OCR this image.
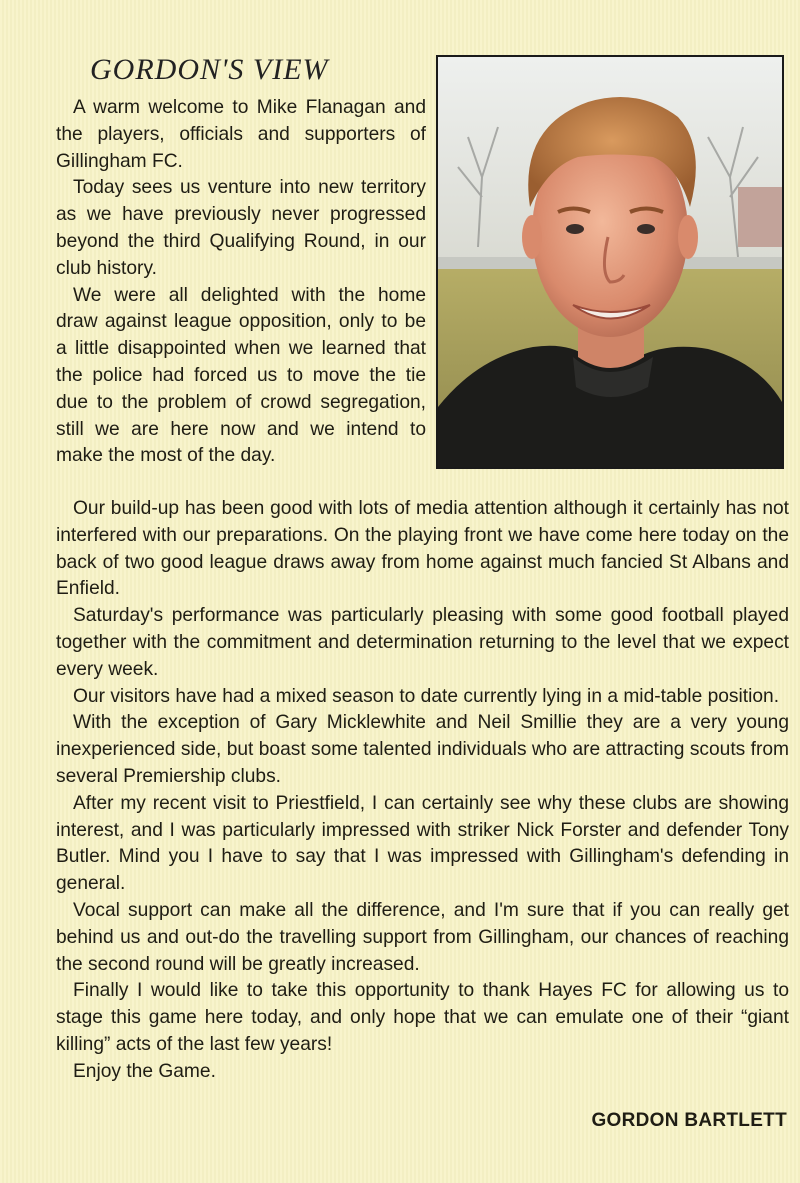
GORDON'S VIEW

A warm welcome to Mike Flanagan and the players, officials and supporters of Gillingham FC.

Today sees us venture into new territory as we have previously never progressed beyond the third Qualifying Round, in our club history.

We were all delighted with the home draw against league opposition, only to be a little disappointed when we learned that the police had forced us to move the tie due to the problem of crowd segregation, still we are here now and we intend to make the most of the day.

Our build-up has been good with lots of media attention although it certainly has not interfered with our preparations. On the playing front we have come here today on the back of two good league draws away from home against much fancied St Albans and Enfield.

Saturday's performance was particularly pleasing with some good football played together with the commitment and determination returning to the level that we expect every week.

Our visitors have had a mixed season to date currently lying in a mid-table position.

With the exception of Gary Micklewhite and Neil Smillie they are a very young inexperienced side, but boast some talented individuals who are attracting scouts from several Premiership clubs.

After my recent visit to Priestfield, I can certainly see why these clubs are showing interest, and I was particularly impressed with striker Nick Forster and defender Tony Butler. Mind you I have to say that I was impressed with Gillingham's defending in general.

Vocal support can make all the difference, and I'm sure that if you can really get behind us and out-do the travelling support from Gillingham, our chances of reaching the second round will be greatly increased.

Finally I would like to take this opportunity to thank Hayes FC for allowing us to stage this game here today, and only hope that we can emulate one of their “giant killing” acts of the last few years!

Enjoy the Game.

GORDON BARTLETT
